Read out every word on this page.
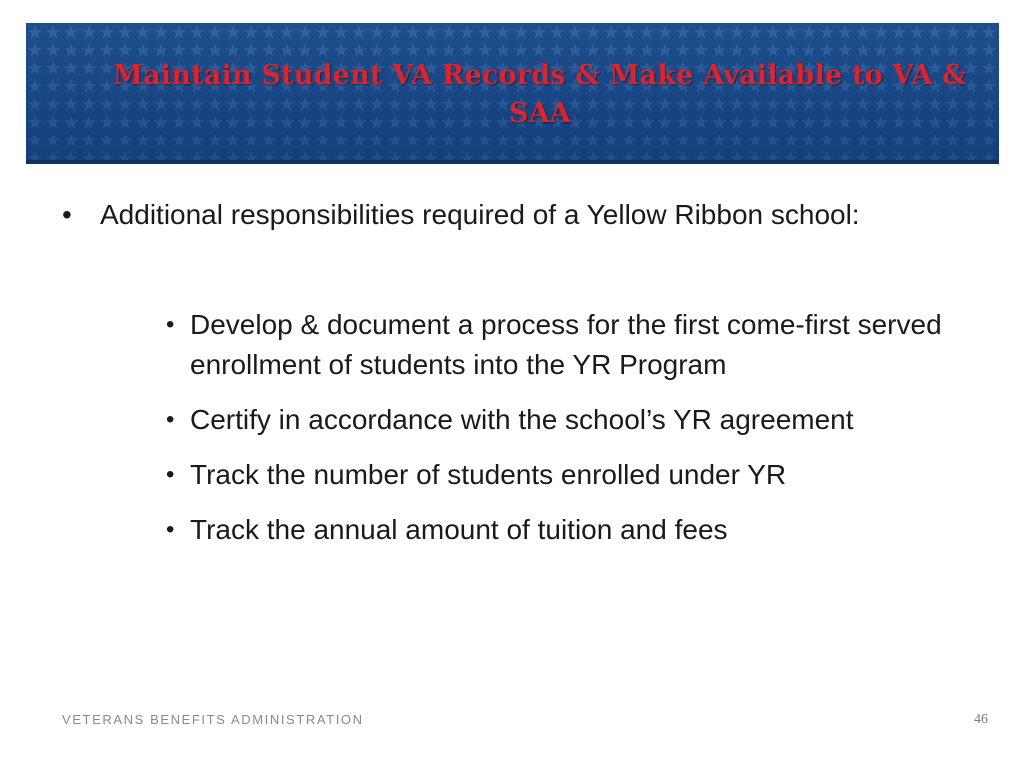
Maintain Student VA Records & Make Available to VA & SAA
•	Additional responsibilities required of a Yellow Ribbon school:
• Develop & document a process for the first come-first served enrollment of students into the YR Program
• Certify in accordance with the school’s YR agreement
• Track the number of students enrolled under YR
• Track the annual amount of tuition and fees
VETERANS BENEFITS ADMINISTRATION	46
